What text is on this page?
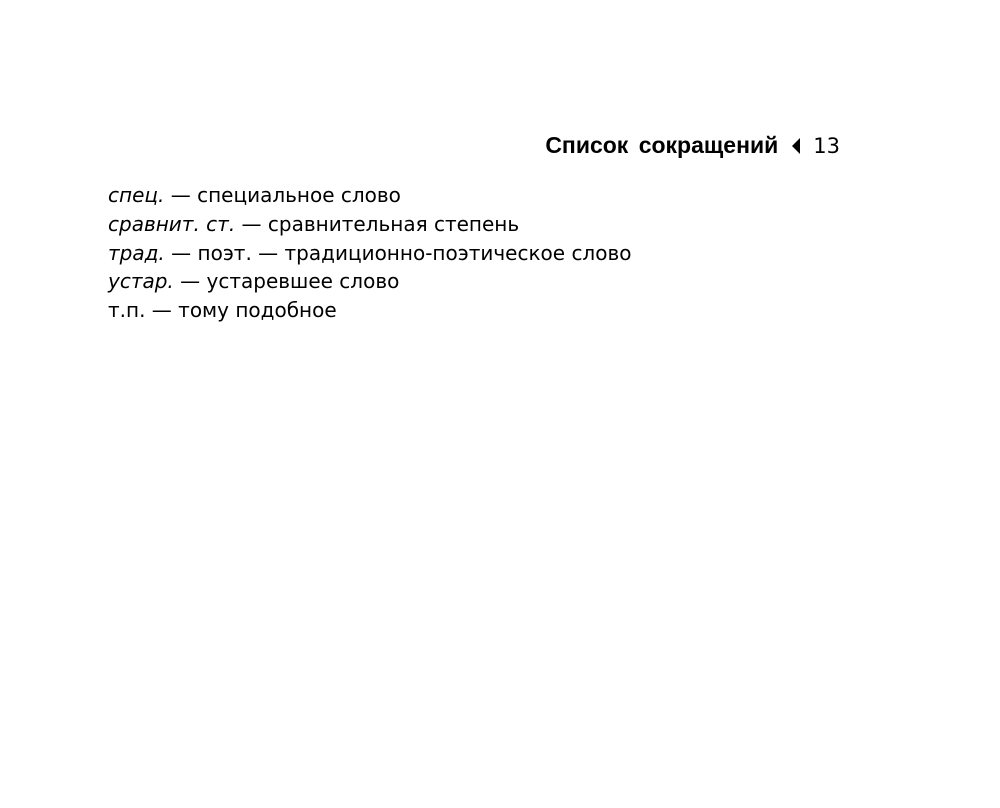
Список сокращений 13
спец. — специальное слово
сравнит. ст. — сравнительная степень
трад. — поэт. — традиционно-поэтическое слово
устар. — устаревшее слово
т.п. — тому подобное
